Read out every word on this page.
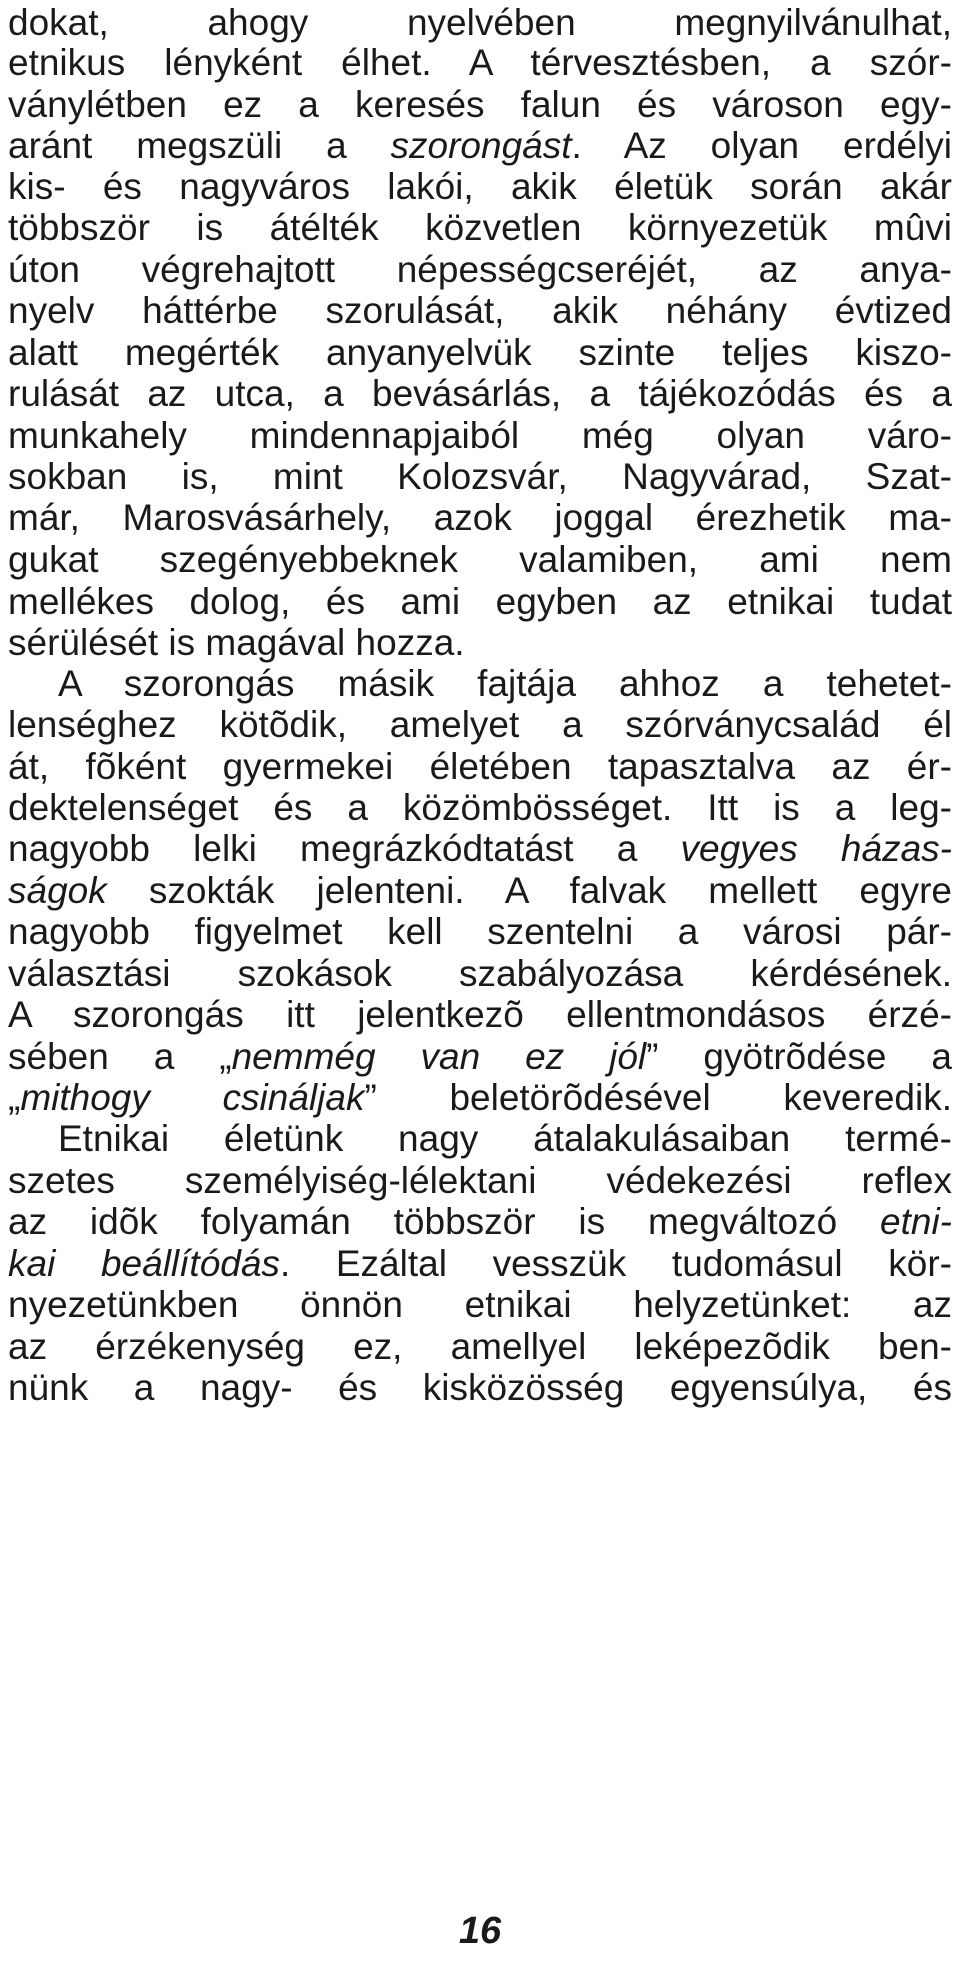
dokat, ahogy nyelvében megnyilvánulhat,
etnikus lényként élhet. A térvesztésben, a szór-
ványlétben ez a keresés falun és városon egy-
aránt megszüli a szorongást. Az olyan erdélyi
kis- és nagyváros lakói, akik életük során akár
többször is átélték közvetlen környezetük mûvi
úton végrehajtott népességcseréjét, az anya-
nyelv háttérbe szorulását, akik néhány évtized
alatt megérték anyanyelvük szinte teljes kiszo-
rulását az utca, a bevásárlás, a tájékozódás és a
munkahely mindennapjaiból még olyan váro-
sokban is, mint Kolozsvár, Nagyvárad, Szat-
már, Marosvásárhely, azok joggal érezhetik ma-
gukat szegényebbeknek valamiben, ami nem
mellékes dolog, és ami egyben az etnikai tudat
sérülését is magával hozza.
A szorongás másik fajtája ahhoz a tehetet-
lenséghez kötõdik, amelyet a szórványcsalád él
át, fõként gyermekei életében tapasztalva az ér-
dektelenséget és a közömbösséget. Itt is a leg-
nagyobb lelki megrázkódtatást a vegyes házas-
ságok szokták jelenteni. A falvak mellett egyre
nagyobb figyelmet kell szentelni a városi pár-
választási szokások szabályozása kérdésének.
A szorongás itt jelentkezõ ellentmondásos érzé-
sében a „nemmég van ez jól” gyötrõdése a
„mithogy csináljak” beletörõdésével keveredik.
Etnikai életünk nagy átalakulásaiban termé-
szetes személyiség-lélektani védekezési reflex
az idõk folyamán többször is megváltozó etni-
kai beállítódás. Ezáltal vesszük tudomásul kör-
nyezetünkben önnön etnikai helyzetünket: az
az érzékenység ez, amellyel leképezõdik ben-
nünk a nagy- és kisközösség egyensúlya, és
16
